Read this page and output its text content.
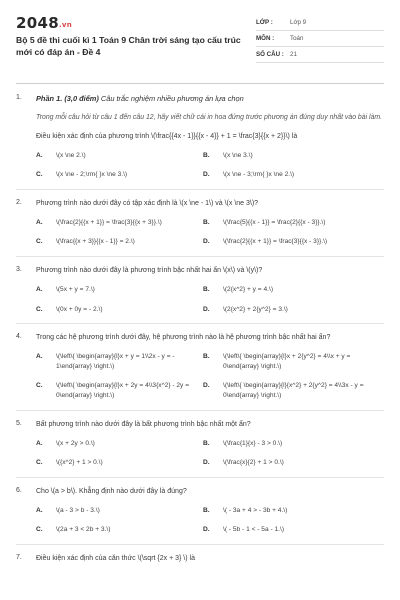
2048.vn
Bộ 5 đề thi cuối kì 1 Toán 9 Chân trời sáng tạo cấu trúc mới có đáp án - Đề 4
LỚP :	Lớp 9
MÔN :	Toán
SỐ CÂU : 21
1. Phần 1. (3,0 điểm) Câu trắc nghiệm nhiều phương án lựa chọn
Trong mỗi câu hỏi từ câu 1 đến câu 12, hãy viết chữ cái in hoa đứng trước phương án đúng duy nhất vào bài làm.
Điều kiện xác định của phương trình \(\frac{{4x - 1}}{{x - 4}} + 1 = \frac{3}{{x + 2}}\) là
A.	\(x \ne 2.\)	B.	\(x \ne 3.\)
C.	\(x \ne - 2;\rm{ }x \ne 3.\)	D.	\(x \ne - 3;\rm{ }x \ne 2.\)
2. Phương trình nào dưới đây có tập xác định là \(x \ne - 1\) và \(x \ne 3\)?
A.	\(\frac{2}{{x + 1}} = \frac{3}{{x + 3}}.\)	B.	\(\frac{5}{{x - 1}} = \frac{2}{{x - 3}}.\)
C.	\(\frac{{x + 3}}{{x - 1}} = 2.\)	D.	\(\frac{2}{{x + 1}} = \frac{3}{{x - 3}}.\)
3. Phương trình nào dưới đây là phương trình bậc nhất hai ẩn \(x\) và \(y\)?
A.	\(5x + y = 7.\)	B.	\(2{x^2} + y = 4.\)
C.	\(0x + 0y = - 2.\)	D.	\(2{x^2} + 2{y^2} = 3.\)
4. Trong các hệ phương trình dưới đây, hệ phương trình nào là hệ phương trình bậc nhất hai ẩn?
A.	\(\left\{ \begin{array}{l}x + y = 1\\2x - y = - 1\end{array} \right.\)
B.	\(\left\{ \begin{array}{l}x + 2{y^2} = 4\\x + y = 0\end{array} \right.\)
C.	\(\left\{ \begin{array}{l}x + 2y = 4\\3{x^2} - 2y = 0\end{array} \right.\)
D.	\(\left\{ \begin{array}{l}{x^2} + 2{y^2} = 4\\3x - y = 0\end{array} \right.\)
5. Bất phương trình nào dưới đây là bất phương trình bậc nhất một ẩn?
A.	\(x + 2y > 0.\)	B.	\(\frac{1}{x} - 3 > 0.\)
C.	\({x^2} + 1 > 0.\)	D.	\(\frac{x}{2} + 1 > 0.\)
6. Cho \(a > b\). Khẳng định nào dưới đây là đúng?
A.	\(a - 3 > b - 3.\)	B.	\( - 3a + 4 > - 3b + 4.\)
C.	\(2a + 3 < 2b + 3.\)	D.	\( - 5b - 1 < - 5a - 1.\)
7. Điều kiện xác định của căn thức \(\sqrt {2x + 3} \) là
